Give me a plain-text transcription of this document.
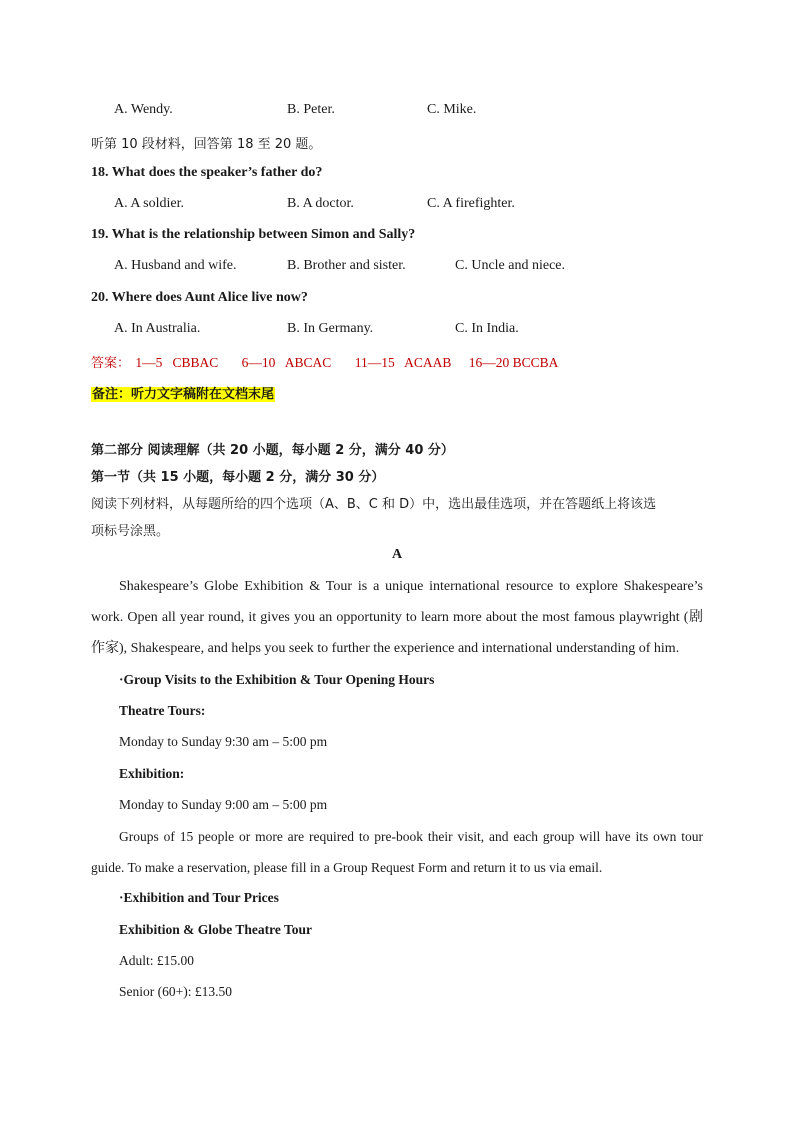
A. Wendy.	B. Peter.	C. Mike.
听第 10 段材料，回答第 18 至 20 题。
18. What does the speaker’s father do?
A. A soldier.	B. A doctor.	C. A firefighter.
19. What is the relationship between Simon and Sally?
A. Husband and wife.	B. Brother and sister.	C. Uncle and niece.
20. Where does Aunt Alice live now?
A. In Australia.	B. In Germany.	C. In India.
答案： 1—5   CBBAC 6—10   ABCAC 11—15   ACAAB 16—20 BCCBA
备注：听力文字稿附在文档末尾
第二部分 阅读理解（共 20 小题，每小题 2 分，满分 40 分）
第一节（共 15 小题，每小题 2 分，满分 30 分）
阅读下列材料，从每题所给的四个选项（A、B、C 和 D）中，选出最佳选项，并在答题纸上将该选
项标号涂黑。
A
Shakespeare’s Globe Exhibition & Tour is a unique international resource to explore Shakespeare’s work. Open all year round, it gives you an opportunity to learn more about the most famous playwright (剧作家), Shakespeare, and helps you seek to further the experience and international understanding of him.
·Group Visits to the Exhibition & Tour Opening Hours
Theatre Tours:
Monday to Sunday 9:30 am – 5:00 pm
Exhibition:
Monday to Sunday 9:00 am – 5:00 pm
Groups of 15 people or more are required to pre-book their visit, and each group will have its own tour guide. To make a reservation, please fill in a Group Request Form and return it to us via email.
·Exhibition and Tour Prices
Exhibition & Globe Theatre Tour
Adult: £15.00
Senior (60+): £13.50
